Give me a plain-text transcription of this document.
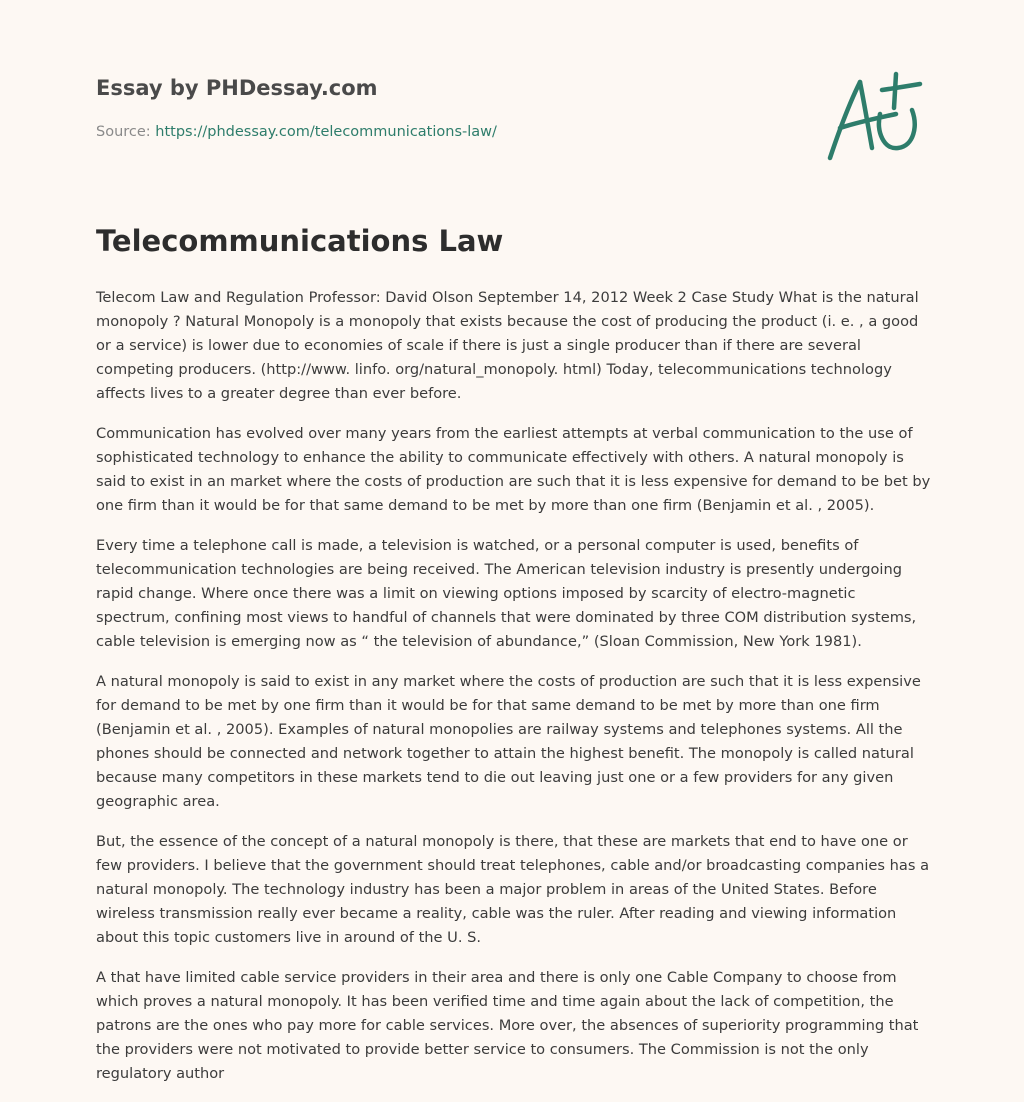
Essay by PHDessay.com
Source: https://phdessay.com/telecommunications-law/
Telecommunications Law

Telecom Law and Regulation Professor: David Olson September 14, 2012 Week 2 Case Study What is the natural monopoly ? Natural Monopoly is a monopoly that exists because the cost of producing the product (i. e. , a good or a service) is lower due to economies of scale if there is just a single producer than if there are several competing producers. (http://www. linfo. org/natural_monopoly. html) Today, telecommunications technology affects lives to a greater degree than ever before.

Communication has evolved over many years from the earliest attempts at verbal communication to the use of sophisticated technology to enhance the ability to communicate effectively with others. A natural monopoly is said to exist in an market where the costs of production are such that it is less expensive for demand to be bet by one firm than it would be for that same demand to be met by more than one firm (Benjamin et al. , 2005).

Every time a telephone call is made, a television is watched, or a personal computer is used, benefits of telecommunication technologies are being received. The American television industry is presently undergoing rapid change. Where once there was a limit on viewing options imposed by scarcity of electro-magnetic spectrum, confining most views to handful of channels that were dominated by three COM distribution systems, cable television is emerging now as “ the television of abundance,” (Sloan Commission, New York 1981).

A natural monopoly is said to exist in any market where the costs of production are such that it is less expensive for demand to be met by one firm than it would be for that same demand to be met by more than one firm (Benjamin et al. , 2005). Examples of natural monopolies are railway systems and telephones systems. All the phones should be connected and network together to attain the highest benefit. The monopoly is called natural because many competitors in these markets tend to die out leaving just one or a few providers for any given geographic area.

But, the essence of the concept of a natural monopoly is there, that these are markets that end to have one or few providers. I believe that the government should treat telephones, cable and/or broadcasting companies has a natural monopoly. The technology industry has been a major problem in areas of the United States. Before wireless transmission really ever became a reality, cable was the ruler. After reading and viewing information about this topic customers live in around of the U. S.

A that have limited cable service providers in their area and there is only one Cable Company to choose from which proves a natural monopoly. It has been verified time and time again about the lack of competition, the patrons are the ones who pay more for cable services. More over, the absences of superiority programming that the providers were not motivated to provide better service to consumers. The Commission is not the only regulatory author
